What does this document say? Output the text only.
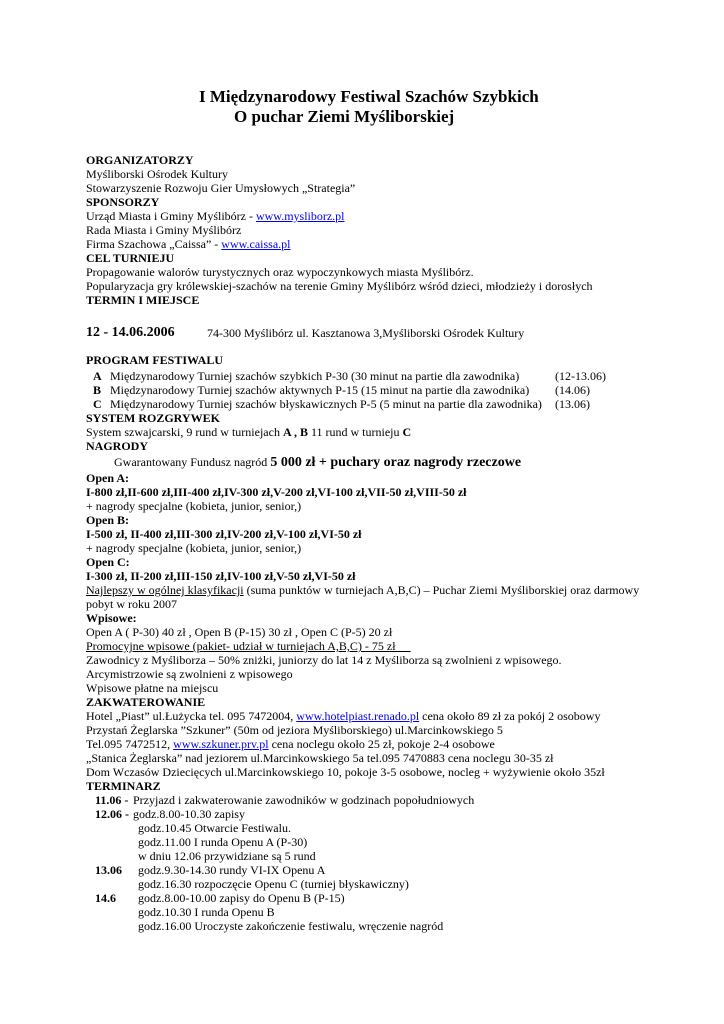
I Międzynarodowy Festiwal Szachów Szybkich
O puchar Ziemi Myśliborskiej
ORGANIZATORZY
Myśliborski Ośrodek Kultury
Stowarzyszenie Rozwoju Gier Umysłowych „Strategia”
SPONSORZY
Urząd Miasta i Gminy Myślibórz - www.mysliborz.pl
Rada Miasta i Gminy Myślibórz
Firma Szachowa „Caissa” - www.caissa.pl
CEL TURNIEJU
Propagowanie walorów turystycznych oraz wypoczynkowych miasta Myślibórz.
Popularyzacja gry królewskiej-szachów na terenie Gminy Myślibórz wśród dzieci, młodzieży i dorosłych
TERMIN I MIEJSCE
12 - 14.06.2006	74-300 Myślibórz ul. Kasztanowa 3,Myśliborski Ośrodek Kultury
PROGRAM FESTIWALU
A Międzynarodowy Turniej szachów szybkich P-30 (30 minut na partie dla zawodnika)	(12-13.06)
B Międzynarodowy Turniej szachów aktywnych P-15 (15 minut na partie dla zawodnika) (14.06)
C Międzynarodowy Turniej szachów błyskawicznych P-5 (5 minut na partie dla zawodnika) (13.06)
SYSTEM ROZGRYWEK
System szwajcarski, 9 rund w turniejach A , B 11 rund w turnieju C
NAGRODY
Gwarantowany Fundusz nagród 5 000 zł + puchary oraz nagrody rzeczowe
Open A:
I-800 zł,II-600 zł,III-400 zł,IV-300 zł,V-200 zł,VI-100 zł,VII-50 zł,VIII-50 zł
+ nagrody specjalne (kobieta, junior, senior,)
Open B:
I-500 zł, II-400 zł,III-300 zł,IV-200 zł,V-100 zł,VI-50 zł
+ nagrody specjalne (kobieta, junior, senior,)
Open C:
I-300 zł, II-200 zł,III-150 zł,IV-100 zł,V-50 zł,VI-50 zł
Najlepszy w ogólnej klasyfikacji (suma punktów w turniejach A,B,C) – Puchar Ziemi Myśliborskiej oraz darmowy
pobyt w roku 2007
Wpisowe:
Open A ( P-30) 40 zł , Open B (P-15) 30 zł , Open C (P-5) 20 zł
Promocyjne wpisowe (pakiet- udział w turniejach A,B,C) - 75 zł
Zawodnicy z Myśliborza – 50% zniżki, juniorzy do lat 14 z Myśliborza są zwolnieni z wpisowego.
Arcymistrzowie są zwolnieni z wpisowego
Wpisowe płatne na miejscu
ZAKWATEROWANIE
Hotel „Piast” ul.Łużycka tel. 095 7472004, www.hotelpiast.renado.pl cena około 89 zł za pokój 2 osobowy
Przystań Żeglarska ”Szkuner” (50m od jeziora Myśliborskiego) ul.Marcinkowskiego 5
Tel.095 7472512, www.szkuner.prv.pl cena noclegu około 25 zł, pokoje 2-4 osobowe
„Stanica Żeglarska” nad jeziorem ul.Marcinkowskiego 5a tel.095 7470883 cena noclegu 30-35 zł
Dom Wczasów Dziecięcych ul.Marcinkowskiego 10, pokoje 3-5 osobowe, nocleg + wyżywienie około 35zł
TERMINARZ
11.06 - Przyjazd i zakwaterowanie zawodników w godzinach popołudniowych
12.06 - godz.8.00-10.30 zapisy
godz.10.45 Otwarcie Festiwalu.
godz.11.00 I runda Openu A (P-30)
w dniu 12.06 przywidziane są 5 rund
13.06 godz.9.30-14.30 rundy VI-IX Openu A
godz.16.30 rozpoczęcie Openu C (turniej błyskawiczny)
14.6 godz.8.00-10.00 zapisy do Openu B (P-15)
godz.10.30 I runda Openu B
godz.16.00 Uroczyste zakończenie festiwalu, wręczenie nagród
